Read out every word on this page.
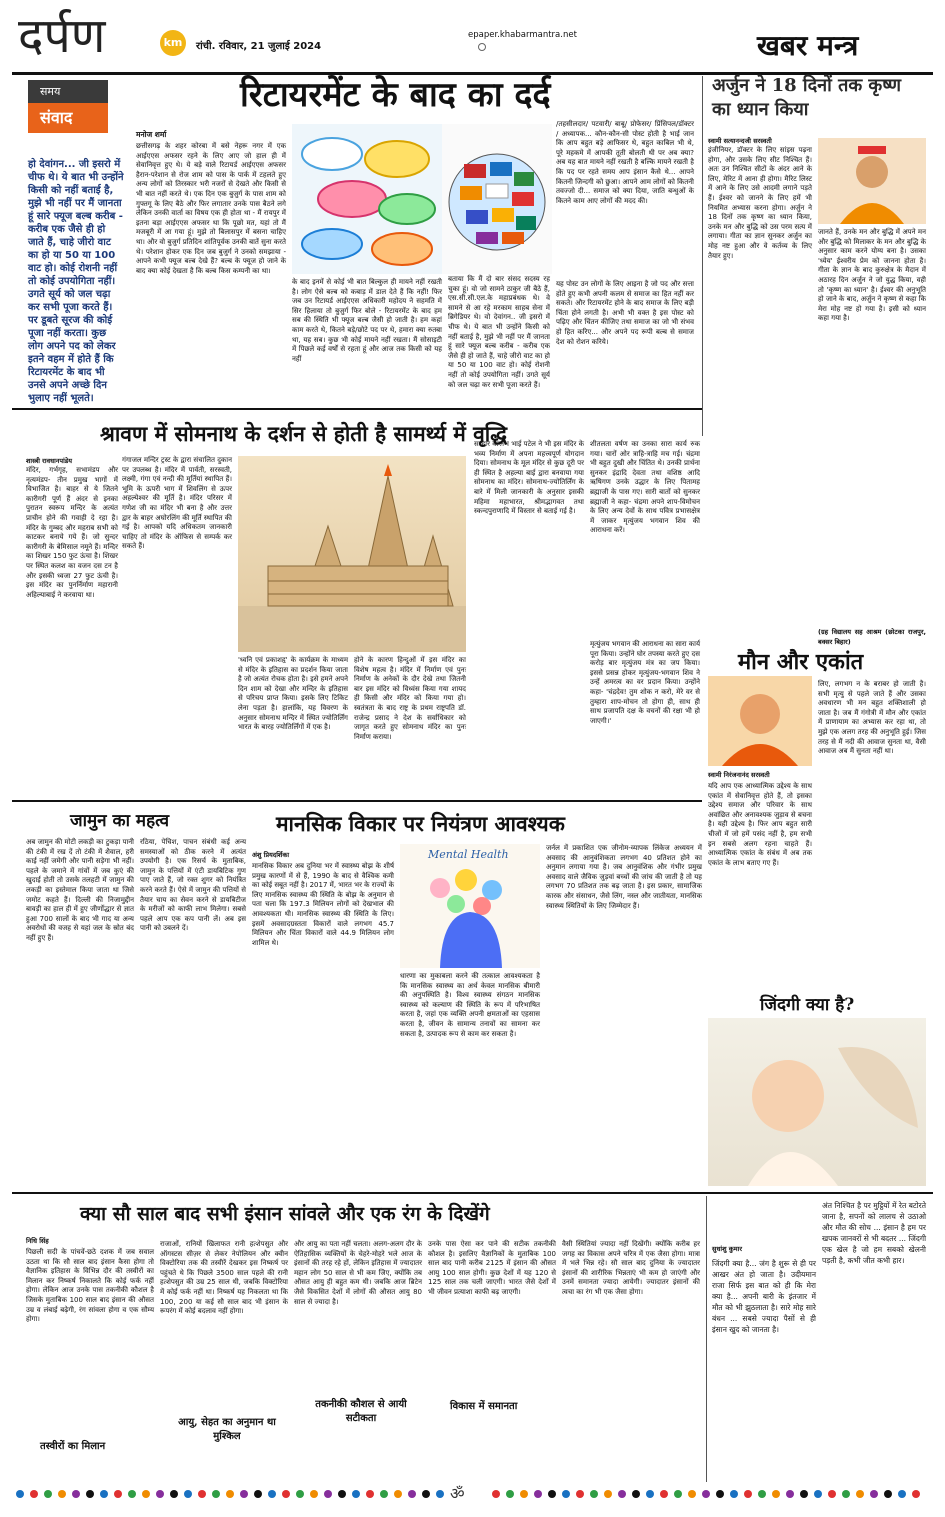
दर्पण	km	रांची. रविवार, 21 जुलाई 2024
epaper.khabarmantra.net	खबर मन्त्र
समय
संवाद
हो देवांगन... जी इसरो में चीफ थे। ये बात भी उन्होंने किसी को नहीं बताई है, मुझे भी नहीं पर मैं जानता हूं सारे फ्यूज बल्ब करीब - करीब एक जैसे ही हो जाते हैं, चाहे जीरो वाट का हो या 50 या 100 वाट हो। कोई रोशनी नहीं तो कोई उपयोगिता नहीं। उगते सूर्य को जल चढ़ा कर सभी पूजा करते हैं। पर डूबते सूरज की कोई पूजा नहीं करता। कुछ लोग अपने पद को लेकर इतने वहम में होते हैं कि रिटायरमेंट के बाद भी उनसे अपने अच्छे दिन भुलाए नहीं भूलते।
रिटायरमेंट के बाद का दर्द
मनोज शर्मा
छत्तीसगढ़ के शहर कोरबा में बसे नेहरू नगर में एक आईएएस अफसर रहने के लिए आए जो हाल ही में सेवानिवृत्त हुए थे। ये बड़े वाले रिटायर्ड आईएएस अफसर हैरान-परेशान से रोज शाम को पास के पार्क में टहलते हुए अन्य लोगों को तिरस्कार भरी नजरों से देखते और किसी से भी बात नहीं करते थे। एक दिन एक बुजुर्ग के पास शाम को गुफ्तगू के लिए बैठे और फिर लगातार उनके पास बैठने लगे लेकिन उनकी वार्ता का विषय एक ही होता था - मैं रायपुर में इतना बड़ा आईएएस अफसर था कि पूछो मत, यहां तो मैं मजबूरी में आ गया हूं। मुझे तो बिलासपुर में बसना चाहिए था। और वो बुजुर्ग प्रतिदिन शांतिपूर्वक उनकी बातें सुना करते थे। परेशान होकर एक दिन जब बुजुर्ग ने उनको समझाया - आपने कभी फ्यूज बल्ब देखे हैं? बल्ब के फ्यूज हो जाने के बाद क्या कोई देखता है कि बल्ब किस कम्पनी का था।
के बाद इनमें से कोई भी बात बिल्कुल ही मायने नहीं रखती है। लोग ऐसे बल्ब को कबाड़ में डाल देते हैं कि नहीं! फिर जब उन रिटायर्ड आईएएस अधिकारी महोदय ने सहमति में सिर हिलाया तो बुजुर्ग फिर बोले - रिटायरमेंट के बाद हम सब की स्थिति भी फ्यूज बल्ब जैसी हो जाती है। हम कहां काम करते थे, कितने बड़े/छोटे पद पर थे, हमारा क्या रुतबा था, यह सब। कुछ भी कोई मायने नहीं रखता। मैं सोसाइटी में पिछले कई वर्षों से रहता हूं और आज तक किसी को यह नहीं
बताया कि मैं दो बार संसद सदस्य रह चुका हूं। वो जो सामने ठाकुर जी बैठे हैं, एस.सी.सी.एल.के महाप्रबंधक थे। वे सामने से आ रहे मरकाम साहब सेना में ब्रिगेडियर थे। वो देवांगन.. जी इसरो में चीफ थे। ये बात भी उन्होंने किसी को नहीं बताई है, मुझे भी नहीं पर मैं जानता हूं सारे फ्यूज बल्ब करीब - करीब एक जैसे ही हो जाते हैं, चाहे जीरो वाट का हो या 50 या 100 वाट हो। कोई रोशनी नहीं तो कोई उपयोगिता नहीं। उगते सूर्य को जल चढ़ा कर सभी पूजा करते हैं।
/तहसीलदार/ पटवारी/ बाबू/ प्रोफेसर/ प्रिंसिपल/डॉक्टर / अध्यापक... कौन-कौन-सी पोस्ट होती है भाई जान कि आप बहुत बड़े आफिसर थे, बहुत काबिल भी थे, पूरे महकमे में आपकी तूती बोलती थी पर अब क्या? अब यह बात मायने नहीं रखती है बल्कि मायने रखती है कि पद पर रहते समय आप इंसान कैसे थे... आपने कितनी जिन्दगी को छुआ। आपने आम लोगों को कितनी तवज्जो दी... समाज को क्या दिया, जाति बन्धुओं के कितने काम आए लोगों की मदद की।
यह पोस्ट उन लोगों के लिए आइना है जो पद और सत्ता होते हुए कभी अपनी कलम से समाज का हित नहीं कर सकते। और रिटायरमेंट होने के बाद समाज के लिए बड़ी चिंता होने लगती है। अभी भी वक्त है इस पोस्ट को पढ़िए और चिंतन कीजिए तथा समाज का जो भी संभव हो हित करिए... और अपने पद रूपी बल्ब से समाज देश को रोशन करिये।
अर्जुन ने 18 दिनों तक कृष्ण का ध्यान किया
स्वामी सत्यानन्दजी सरस्वती
इंजीनियर, डॉक्टर के लिए सांइस पढ़ना होगा, और उसके लिए सीट निश्चित हैं। अतः उन निश्चित सीटों के अंदर आने के लिए, मेरिट में आना ही होगा। मैरिट लिस्ट में आने के लिए उसे आदमी लगाने पड़ते हैं। ईश्वर को जानने के लिए हमें भी नियमित अभ्यास करना होगा। अर्जुन ने 18 दिनों तक कृष्ण का ध्यान किया, उनके मन और बुद्धि को उस परम सत्य में लगाया। गीता का ज्ञान सुनकर अर्जुन का मोह नष्ट हुआ और वे कर्तव्य के लिए तैयार हुए।
जानते हैं, उनके मन और बुद्धि में अपने मन और बुद्धि को मिलाकर के मन और बुद्धि के अनुसार काम करने योग्य बना है। उसका 'ध्येय' ईश्वरीय प्रेम को जानना होता है। गीता के ज्ञान के बाद कुरुक्षेत्र के मैदान में अठारह दिन अर्जुन ने जो युद्ध किया, वही तो 'कृष्ण का ध्यान' है। ईश्वर की अनुभूति हो जाने के बाद, अर्जुन ने कृष्ण से कहा कि मेरा मोह नष्ट हो गया है। इसी को ध्यान कहा गया है।
(ग्रह विद्यालय सह आश्रम (छोटका राजपुर, बक्सर बिहार)
श्रावण में सोमनाथ के दर्शन से होती है सामर्थ्य में वृद्धि
शास्त्री रावधानपांडेय
मंदिर, गर्भगृह, सभामंडप और नृत्यमंडप- तीन प्रमुख भागों में विभाजित है। बाहर से ये जितने कारीगरी पूर्ण हैं अंदर से इनका पुरातन स्वरूप मन्दिर के अत्यंत प्राचीन होने की गवाही दे रहा है। मंदिर के गुम्बद और महराब सभी को काटकर बनाये गये हैं। जो सुन्दर कारीगरी के बेमिसाल नमूने हैं। मन्दिर का शिखर 150 फुट ऊंचा है। शिखर पर स्थित कलश का वजन दस टन है और इसकी ध्वजा 27 फुट ऊंची है। इस मंदिर का पुनर्निर्माण महारानी अहिल्याबाई ने करवाया था।
गंगाजल मन्दिर ट्रस्ट के द्वारा संचालित दुकान पर उपलब्ध है। मंदिर में पार्वती, सरस्वती, लक्ष्मी, गंगा एवं नन्दी की मूर्तियां स्थापित हैं। भूमि के ऊपरी भाग में शिवलिंग से ऊपर अहल्येश्वर की मूर्ति है। मंदिर परिसर में गणेश जी का मंदिर भी बना है और उत्तर द्वार के बाहर अघोरलिंग की मूर्ति स्थापित की गई है। आपको यदि अधिकतम जानकारी चाहिए तो मंदिर के ऑफिस से सम्पर्क कर सकते हैं।
'ध्वनि एवं प्रकाशहृ' के कार्यक्रम के माध्यम से मंदिर के इतिहास का प्रदर्शन किया जाता है जो अत्यंत रोचक होता है। इसे हमने अपने दिन शाम को देखा और मन्दिर के इतिहास से परिचय प्राप्त किया। इसके लिए टिकिट लेना पड़ता है। हालांकि, यह विवरण के अनुसार सोमनाथ मन्दिर में स्थित ज्योतिर्लिंग भारत के बारह ज्योतिर्लिंगों में एक है।
होने के कारण हिन्दुओं में इस मंदिर का विशेष महत्व है। मंदिर में निर्माण एवं पुनः निर्माण के अनेकों के दौर देखे तथा जितनी बार इस मंदिर को विध्वंस किया गया शायद ही किसी और मंदिर को किया गया हो। स्वतंत्रता के बाद राष्ट्र के प्रथम राष्ट्रपति डॉ. राजेन्द्र प्रसाद ने देश के सर्वाधिकार को जागृत करते हुए सोमनाथ मंदिर का पुनः निर्माण कराया।
सरदार वल्लभ भाई पटेल ने भी इस मंदिर के भव्य निर्माण में अपना महत्त्वपूर्ण योगदान दिया। सोमनाथ के मूल मंदिर से कुछ दूरी पर ही स्थित है अहल्या बाई द्वारा बनवाया गया सोमनाथ का मंदिर। सोमनाथ-ज्योतिर्लिंग के बारे में मिली जानकारी के अनुसार इसकी महिमा महाभारत, श्रीमद्भागवत तथा स्कन्दपुराणादि में विस्तार से बताई गई है।
शीतलता वर्षण का उनका सारा कार्य रुक गया। चारों ओर त्राहि-त्राहि मच गई। चंद्रमा भी बहुत दुखी और चिंतित थे। उनकी प्रार्थना सुनकर इंद्रादि देवता तथा वशिष्ठ आदि ऋषिगण उनके उद्धार के लिए पितामह ब्रह्माजी के पास गए। सारी बातों को सुनकर ब्रह्माजी ने कहा- चंद्रमा अपने शाप-विमोचन के लिए अन्य देवों के साथ पवित्र प्रभासक्षेत्र में जाकर मृत्युंजय भगवान शिव की आराधना करें।
मृत्युंजय भगवान की आराधना का सारा कार्य पूरा किया। उन्होंने घोर तपस्या करते हुए दस करोड़ बार मृत्युंजय मंत्र का जप किया। इससे प्रसन्न होकर मृत्युंजय-भगवान शिव ने उन्हें अमरत्व का वर प्रदान किया। उन्होंने कहा- 'चंद्रदेव! तुम शोक न करो, मेरे वर से तुम्हारा शाप-मोचन तो होगा ही, साथ ही साथ प्रजापति दक्ष के वचनों की रक्षा भी हो जाएगी।'
मौन और एकांत
स्वामी निरंजनानंद सरस्वती
यदि आप एक आध्यात्मिक उद्देश्य के साथ एकांत में सेवानिवृत्त होते हैं, तो इसका उद्देश्य समाज और परिवार के साथ अवांछित और अनावश्यक जुड़ाव से बचना है। यही उद्देश्य है। फिर आप बहुत सारी चीजों में जो हमें पसंद नहीं है, हम सभी इन सबसे अलग रहना चाहते हैं। आध्यात्मिक एकांत के संबंध में अब तक एकांत के लाभ बताए गए हैं।
लिए, लगभग न के बराबर हो जाती है। सभी मृत्यु से पहले जाते हैं और उसका अवधारण भी मन बहुत शक्तिशाली हो जाता है। जब मैं गंगोत्री में मौन और एकांत में प्राणायाम का अभ्यास कर रहा था, तो मुझे एक अलग तरह की अनुभूति हुई। जिस तरह से मैं नदी की आवाज सुनता था, वैसी आवाज अब मैं सुनता नहीं था।
जामुन का महत्व
अब जामुन की मोटी लकड़ी का टुकड़ा पानी की टंकी में रख दें तो टंकी में शैवाल, हरी काई नहीं जमेगी और पानी सड़ेगा भी नहीं। पहले के जमाने में गांवों में जब कुएं की खुदाई होती तो उसके तलहटी में जामुन की लकड़ी का इस्तेमाल किया जाता था जिसे जमोट कहते हैं। दिल्ली की निजामुद्दीन बावड़ी का हाल ही में हुए जीर्णोद्धार से ज्ञात हुआ 700 सालों के बाद भी गाद या अन्य अवरोधों की वजह से यहां जल के स्रोत बंद नहीं हुए हैं।
रठिया, पेचिश, पाचन संबंधी कई अन्य समस्याओं को ठीक करने में अत्यंत उपयोगी है। एक रिसर्च के मुताबिक, जामुन के पत्तियों में एंटी डायबिटिक गुण पाए जाते हैं, जो रक्त शुगर को नियंत्रित करने करते हैं। ऐसे में जामुन की पत्तियों से तैयार चाय का सेवन करने से डायबिटीज के मरीजों को काफी लाभ मिलेगा। सबसे पहले आप एक कप पानी लें। अब इस पानी को उबलने दें।
मानसिक विकार पर नियंत्रण आवश्यक
अंशु प्रियदर्शिका
मानसिक विकार अब दुनिया भर में स्वास्थ्य बोझ के शीर्ष प्रमुख कारणों में से हैं, 1990 के बाद से वैश्विक कमी का कोई सबूत नहीं है। 2017 में, भारत भर के राज्यों के लिए मानसिक स्वास्थ्य की स्थिति के बोझ के अनुमान से पता चला कि 197.3 मिलियन लोगों को देखभाल की आवश्यकता थी। मानसिक स्वास्थ्य की स्थिति के लिए। इसमें अवसादग्रस्तता विकारों वाले लगभग 45.7 मिलियन और चिंता विकारों वाले 44.9 मिलियन लोग शामिल थे।
Mental Health
धारणा का मुकाबला करने की तत्काल आवश्यकता है कि मानसिक स्वास्थ्य का अर्थ केवल मानसिक बीमारी की अनुपस्थिति है। विश्व स्वास्थ्य संगठन मानसिक स्वास्थ्य को कल्याण की स्थिति के रूप में परिभाषित करता है, जहां एक व्यक्ति अपनी क्षमताओं का एहसास करता है, जीवन के सामान्य तनावों का सामना कर सकता है, उत्पादक रूप से काम कर सकता है।
जर्नल में प्रकाशित एक जीनोम-व्यापक लिंकेज अध्ययन में अवसाद की आनुवंशिकता लगभग 40 प्रतिशत होने का अनुमान लगाया गया है। जब आनुवंशिक और गंभीर प्रमुख अवसाद वाले जैविक जुड़वां बच्चों की जांच की जाती है तो यह लगभग 70 प्रतिशत तक बढ़ जाता है। इस प्रकार, सामाजिक कारक और संसाधन, जैसे लिंग, नस्ल और जातीयता, मानसिक स्वास्थ्य स्थितियों के लिए जिम्मेदार हैं।
जिंदगी क्या है?
क्या सौ साल बाद सभी इंसान सांवले और एक रंग के दिखेंगे
निधि सिंह
पिछली सदी के पांचवें-छठे दशक में जब सवाल उठता था कि सौ साल बाद इंसान कैसा होगा तो वैज्ञानिक इतिहास के विभिन्न दौर की तस्वीरों का मिलान कर निष्कर्ष निकालते कि कोई फर्क नहीं होगा। लेकिन आज उनके पास तकनीकी कौशल है जिसके मुताबिक 100 साल बाद इंसान की औसत उम्र व लंबाई बढ़ेगी, रंग सांवला होगा व एक सौम्य होगा।
तस्वीरों का मिलान
राजाओं, रानियों खिलाफत रानी हत्शेपसुत और ऑगस्टस सीज़र से लेकर नेपोलियन और क्वीन विक्टोरिया तक की तस्वीरें देखकर इस निष्कर्ष पर पहुंचते थे कि पिछले 3500 साल पहले की रानी हत्शेपसुत की उम्र 25 साल थी, जबकि विक्टोरिया में कोई फर्क नहीं था। निष्कर्ष यह निकलता था कि 100, 200 या कई सौ साल बाद भी इंसान के रूपरंग में कोई बदलाव नहीं होगा।
आयु, सेहत का अनुमान था मुश्किल
और आयु का पता नहीं चलता। अलग-अलग दौर के ऐतिहासिक व्यक्तियों के चेहरे-मोहरे भले आज के इंसानों की तरह रहे हों, लेकिन इतिहास में ज्यादातर महान लोग 50 साल से भी कम जिए, क्योंकि तब औसत आयु ही बहुत कम थी। जबकि आज ब्रिटेन जैसे विकसित देशों में लोगों की औसत आयु 80 साल से ज्यादा है।
तकनीकी कौशल से आयी सटीकता
उनके पास ऐसा कर पाने की सटीक तकनीकी कौशल है। इसलिए वैज्ञानिकों के मुताबिक 100 साल बाद पानी करीब 2125 में इंसान की औसत आयु 100 साल होगी। कुछ देशों में यह 120 से 125 साल तक चली जाएगी। भारत जैसे देशों में भी जीवन प्रत्याशा काफी बढ़ जाएगी।
विकास में समानता
वैसी स्थितियां ज्यादा नहीं दिखेंगी। क्योंकि करीब हर जगह का विकास अपने चरित्र में एक जैसा होगा। मात्रा में भले भिन्न रहे। सौ साल बाद दुनिया के ज्यादातर इंसानों की शारीरिक भिन्नताएं भी कम हो जाएंगी और उनमें समानता ज्यादा आयेगी। ज्यादातर इंसानों की त्वचा का रंग भी एक जैसा होगा।
सुधांशु कुमार
जिंदगी क्या है... जंग है शुरू से ही पर आखर अंत हो जाता है। उदीयमान राजा सिर्फ इस बात को ही कि मेरा क्या है... अपनी बारी के इंतजार में मौत को भी झुठलाता है। सारे मोह सारे बंधन ... सबसे ज्यादा पैसों से ही इंसान खुद को जानता है।
अंत निश्चित है पर मुट्ठियों में रेत बटोरते जाना है, सपनों को लालच से उठाओ और मौत की सोच ... इंसान है हम पर खपक जानवरों से भी बदतर ... जिंदगी एक खेल है जो हम सबको खेलनी पड़ती है, कभी जीत कभी हार।
ॐ
